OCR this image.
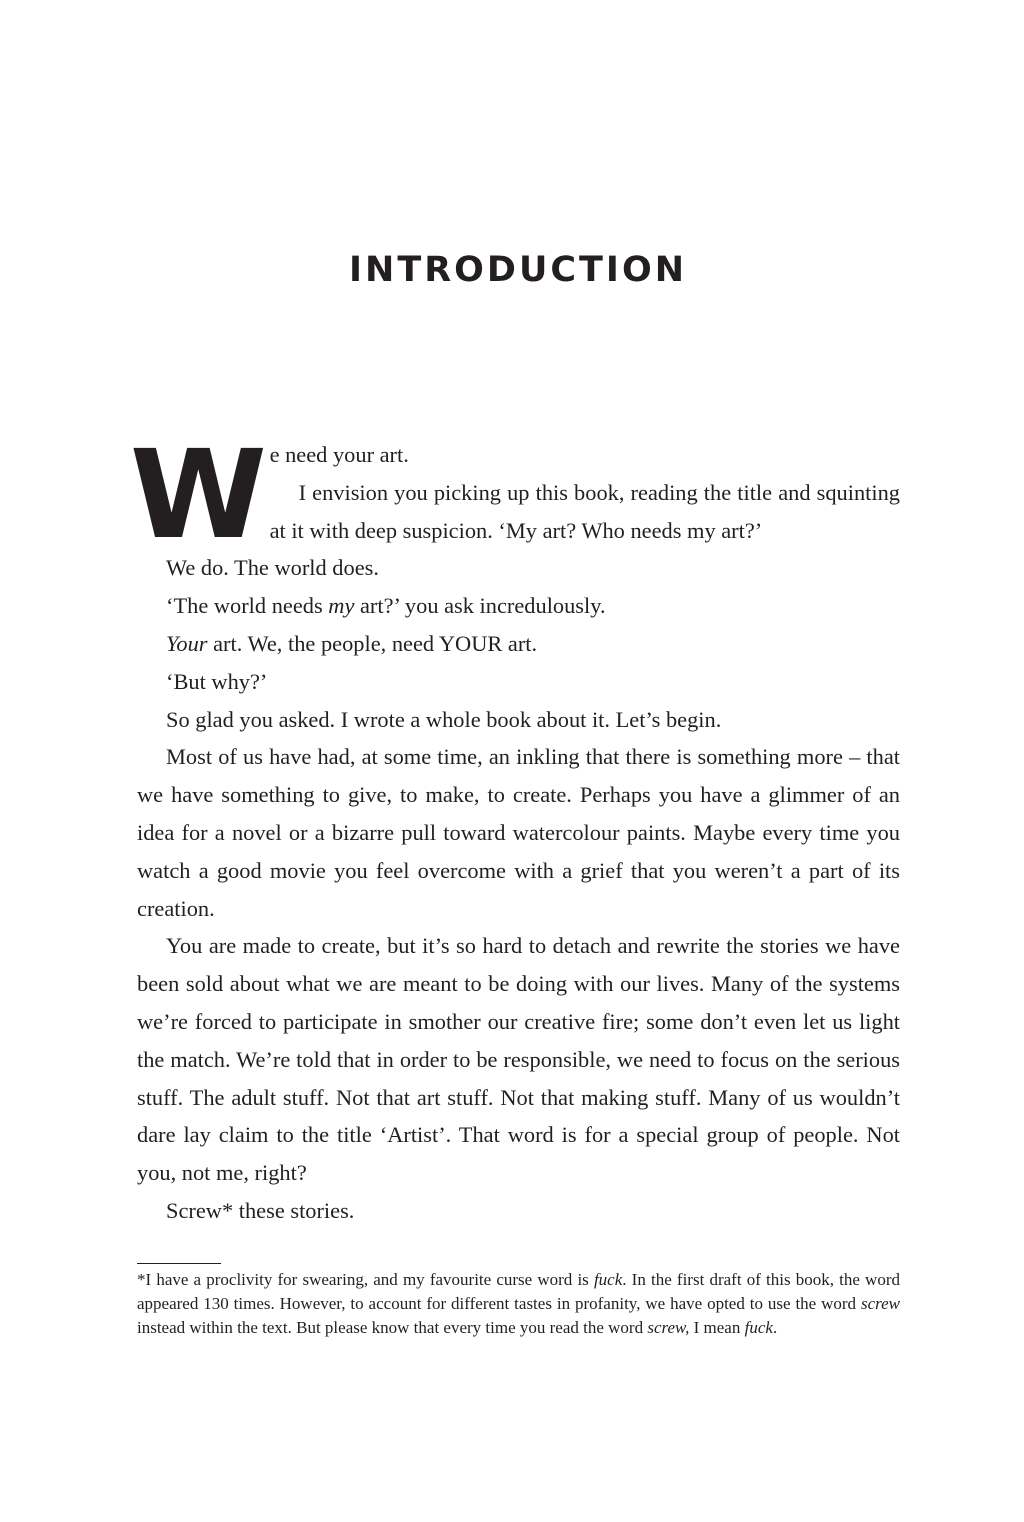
INTRODUCTION

We need your art.

I envision you picking up this book, reading the title and squinting at it with deep suspicion. ‘My art? Who needs my art?’

We do. The world does.

‘The world needs my art?’ you ask incredulously.

Your art. We, the people, need YOUR art.

‘But why?’

So glad you asked. I wrote a whole book about it. Let’s begin.

Most of us have had, at some time, an inkling that there is something more – that we have something to give, to make, to create. Perhaps you have a glimmer of an idea for a novel or a bizarre pull toward watercolour paints. Maybe every time you watch a good movie you feel overcome with a grief that you weren’t a part of its creation.

You are made to create, but it’s so hard to detach and rewrite the stories we have been sold about what we are meant to be doing with our lives. Many of the systems we’re forced to participate in smother our creative fire; some don’t even let us light the match. We’re told that in order to be responsible, we need to focus on the serious stuff. The adult stuff. Not that art stuff. Not that making stuff. Many of us wouldn’t dare lay claim to the title ‘Artist’. That word is for a special group of people. Not you, not me, right?

Screw* these stories.

*I have a proclivity for swearing, and my favourite curse word is fuck. In the first draft of this book, the word appeared 130 times. However, to account for different tastes in profanity, we have opted to use the word screw instead within the text. But please know that every time you read the word screw, I mean fuck.
